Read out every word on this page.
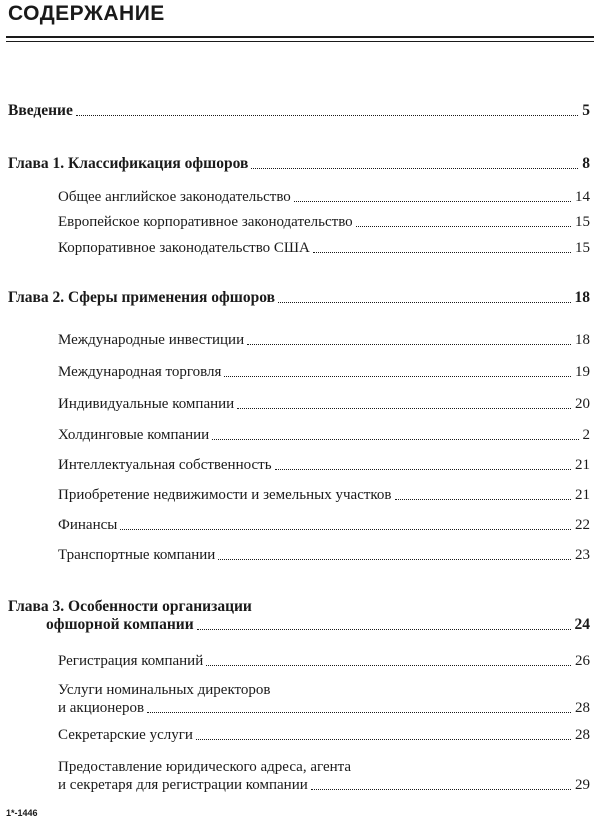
СОДЕРЖАНИЕ
Введение	5
Глава 1. Классификация офшоров	8
Общее английское законодательство	14
Европейское корпоративное законодательство	15
Корпоративное законодательство США	15
Глава 2. Сферы применения офшоров	18
Международные инвестиции	18
Международная торговля	19
Индивидуальные компании	20
Холдинговые компании	2
Интеллектуальная собственность	21
Приобретение недвижимости и земельных участков	21
Финансы	22
Транспортные компании	23
Глава 3. Особенности организации
офшорной компании	24
Регистрация компаний	26
Услуги номинальных директоров
и акционеров	28
Секретарские услуги	28
Предоставление юридического адреса, агента
и секретаря для регистрации компании	29
1*-1446
